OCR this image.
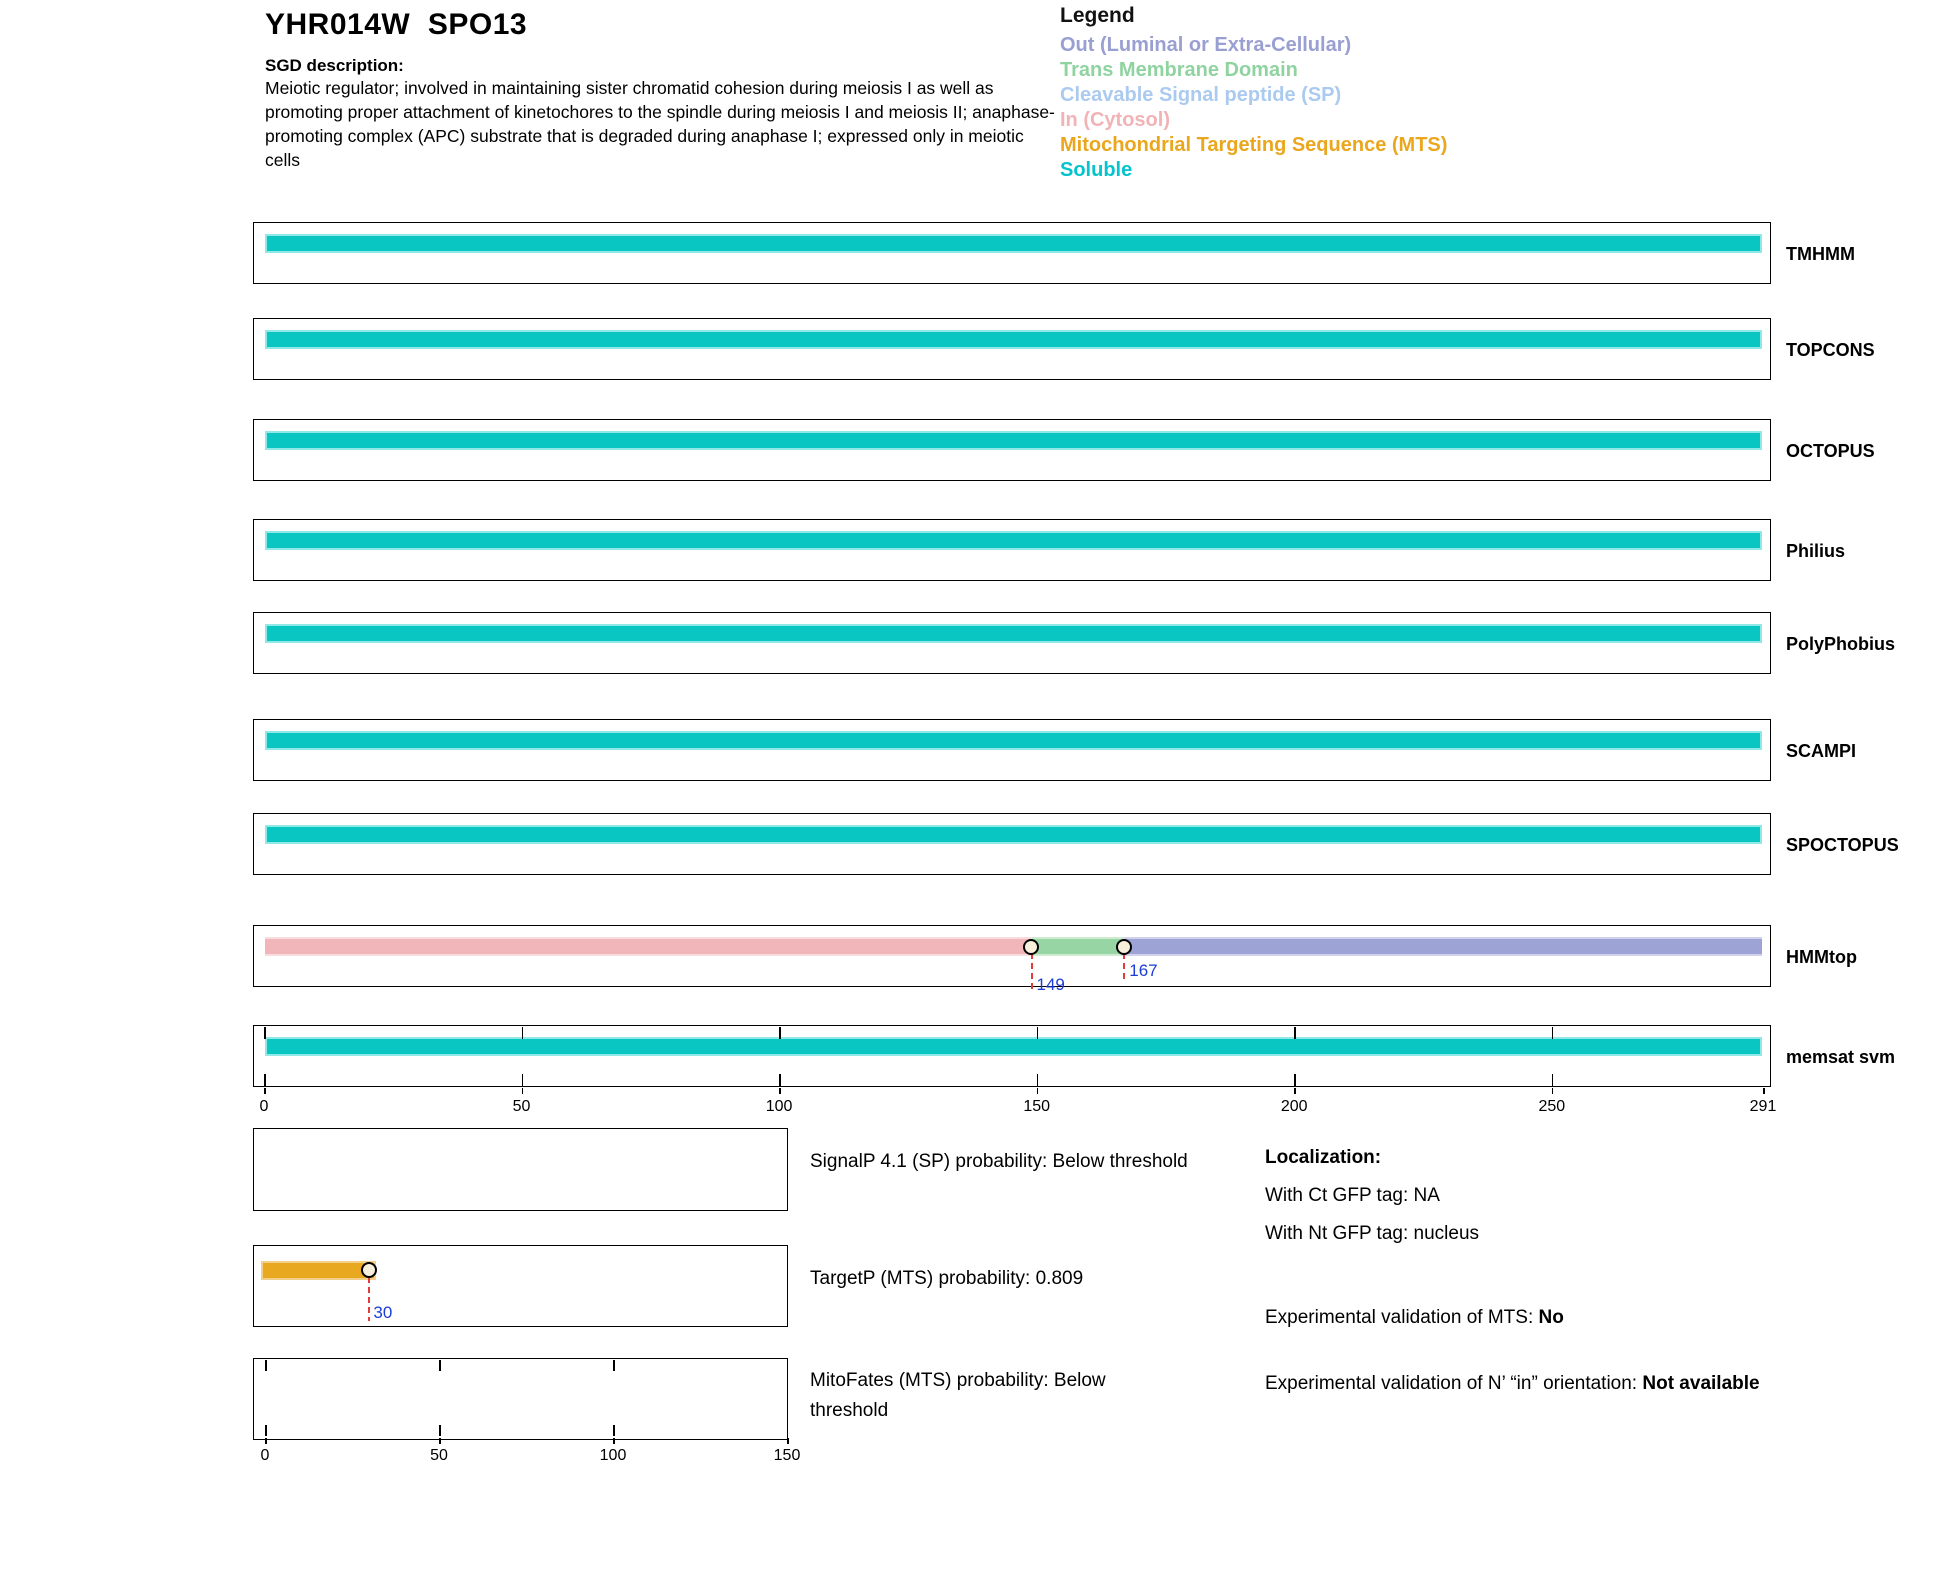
YHR014W  SPO13
SGD description:
Meiotic regulator; involved in maintaining sister chromatid cohesion during meiosis I as well as promoting proper attachment of kinetochores to the spindle during meiosis I and meiosis II; anaphase-promoting complex (APC) substrate that is degraded during anaphase I; expressed only in meiotic cells
Legend
Out (Luminal or Extra-Cellular)
Trans Membrane Domain
Cleavable Signal peptide (SP)
In (Cytosol)
Mitochondrial Targeting Sequence (MTS)
Soluble
TMHMM
TOPCONS
OCTOPUS
Philius
PolyPhobius
SCAMPI
SPOCTOPUS
149
167
HMMtop
memsat svm
0	50	100	150	200	250	291
30
0	50	100	150
SignalP 4.1 (SP) probability: Below threshold
TargetP (MTS) probability: 0.809
MitoFates (MTS) probability: Below threshold
Localization:
With Ct GFP tag: NA
With Nt GFP tag: nucleus
Experimental validation of MTS: No
Experimental validation of N’ “in” orientation: Not available
